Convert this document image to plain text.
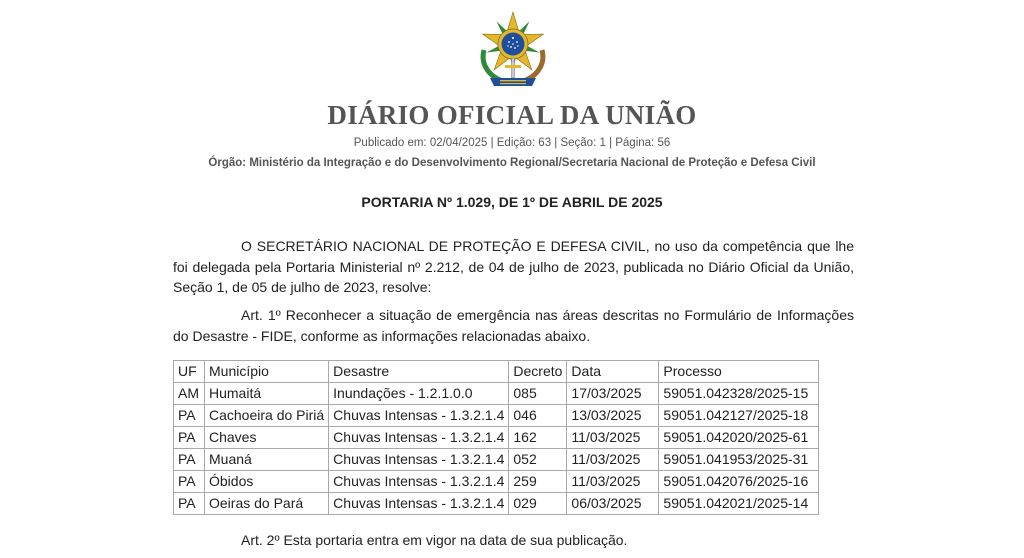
DIÁRIO OFICIAL DA UNIÃO
Publicado em: 02/04/2025 | Edição: 63 | Seção: 1 | Página: 56
Órgão: Ministério da Integração e do Desenvolvimento Regional/Secretaria Nacional de Proteção e Defesa Civil
PORTARIA Nº 1.029, DE 1º DE ABRIL DE 2025

O SECRETÁRIO NACIONAL DE PROTEÇÃO E DEFESA CIVIL, no uso da competência que lhe foi delegada pela Portaria Ministerial nº 2.212, de 04 de julho de 2023, publicada no Diário Oficial da União, Seção 1, de 05 de julho de 2023, resolve:

Art. 1º Reconhecer a situação de emergência nas áreas descritas no Formulário de Informações do Desastre - FIDE, conforme as informações relacionadas abaixo.

UF	Município	Desastre	Decreto	Data	Processo
AM	Humaitá	Inundações - 1.2.1.0.0	085	17/03/2025	59051.042328/2025-15
PA	Cachoeira do Piriá	Chuvas Intensas - 1.3.2.1.4	046	13/03/2025	59051.042127/2025-18
PA	Chaves	Chuvas Intensas - 1.3.2.1.4	162	11/03/2025	59051.042020/2025-61
PA	Muaná	Chuvas Intensas - 1.3.2.1.4	052	11/03/2025	59051.041953/2025-31
PA	Óbidos	Chuvas Intensas - 1.3.2.1.4	259	11/03/2025	59051.042076/2025-16
PA	Oeiras do Pará	Chuvas Intensas - 1.3.2.1.4	029	06/03/2025	59051.042021/2025-14

Art. 2º Esta portaria entra em vigor na data de sua publicação.
